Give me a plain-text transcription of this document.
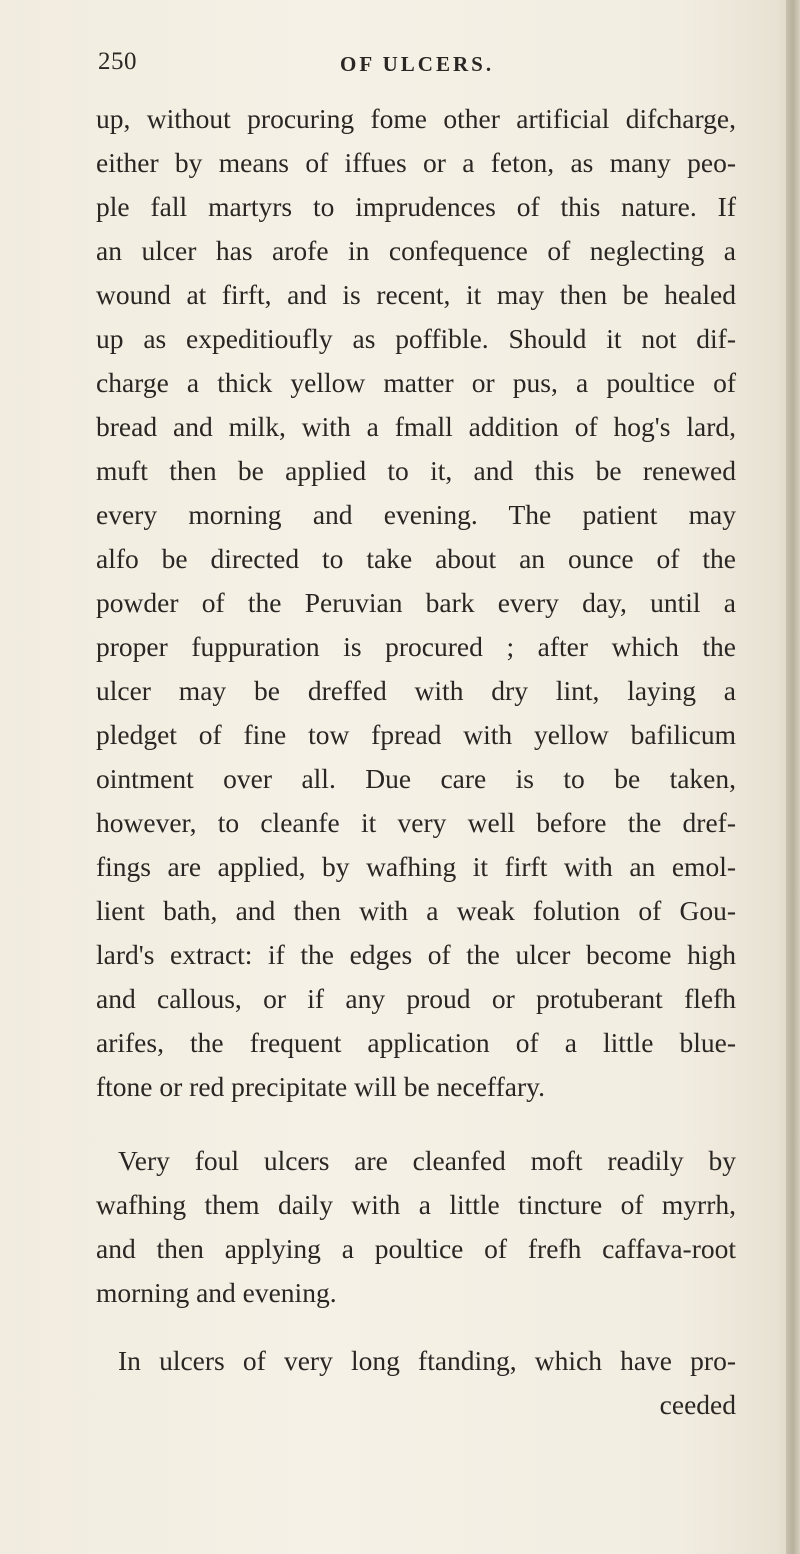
250	OF ULCERS.
up, without procuring fome other artificial difcharge,
either by means of iffues or a feton, as many peo-
ple fall martyrs to imprudences of this nature. If
an ulcer has arofe in confequence of neglecting a
wound at firft, and is recent, it may then be healed
up as expeditioufly as poffible. Should it not dif-
charge a thick yellow matter or pus, a poultice of
bread and milk, with a fmall addition of hog's lard,
muft then be applied to it, and this be renewed
every morning and evening. The patient may
alfo be directed to take about an ounce of the
powder of the Peruvian bark every day, until a
proper fuppuration is procured ; after which the
ulcer may be dreffed with dry lint, laying a
pledget of fine tow fpread with yellow bafilicum
ointment over all. Due care is to be taken,
however, to cleanfe it very well before the dref-
fings are applied, by wafhing it firft with an emol-
lient bath, and then with a weak folution of Gou-
lard's extract: if the edges of the ulcer become high
and callous, or if any proud or protuberant flefh
arifes, the frequent application of a little blue-
ftone or red precipitate will be neceffary.
Very foul ulcers are cleanfed moft readily by
wafhing them daily with a little tincture of myrrh,
and then applying a poultice of frefh caffava-root
morning and evening.
In ulcers of very long ftanding, which have pro-
ceeded
